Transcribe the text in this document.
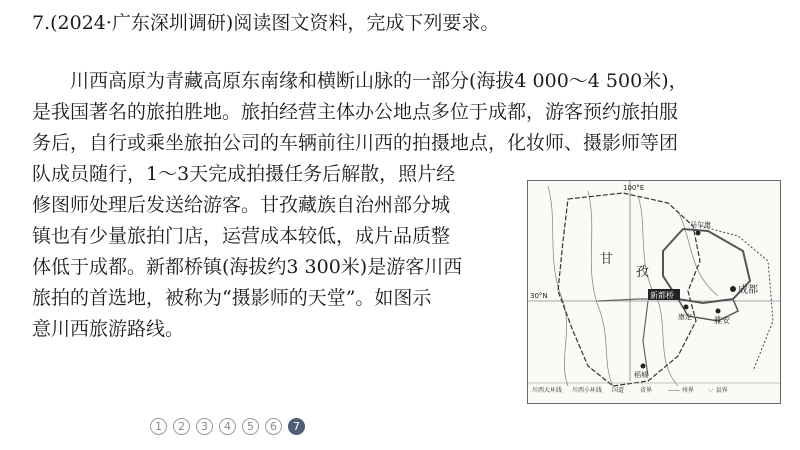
7.(2024·广东深圳调研)阅读图文资料，完成下列要求。
川西高原为青藏高原东南缘和横断山脉的一部分(海拔4 000～4 500米)，
是我国著名的旅拍胜地。旅拍经营主体办公地点多位于成都，游客预约旅拍服
务后，自行或乘坐旅拍公司的车辆前往川西的拍摄地点，化妆师、摄影师等团
队成员随行，1～3天完成拍摄任务后解散，照片经
修图师处理后发送给游客。甘孜藏族自治州部分城
镇也有少量旅拍门店，运营成本较低，成片品质整
体低于成都。新都桥镇(海拔约3 300米)是游客川西
旅拍的首选地，被称为“摄影师的天堂”。如图示
意川西旅游路线。
100°E
30°N
甘
孜
成都
雅安
康定
新都桥
马尔康
稻城
川西大环线 川西小环线 国道	省界	—— 州界 ·.· 县界
1	2	3	4	5	6	7
